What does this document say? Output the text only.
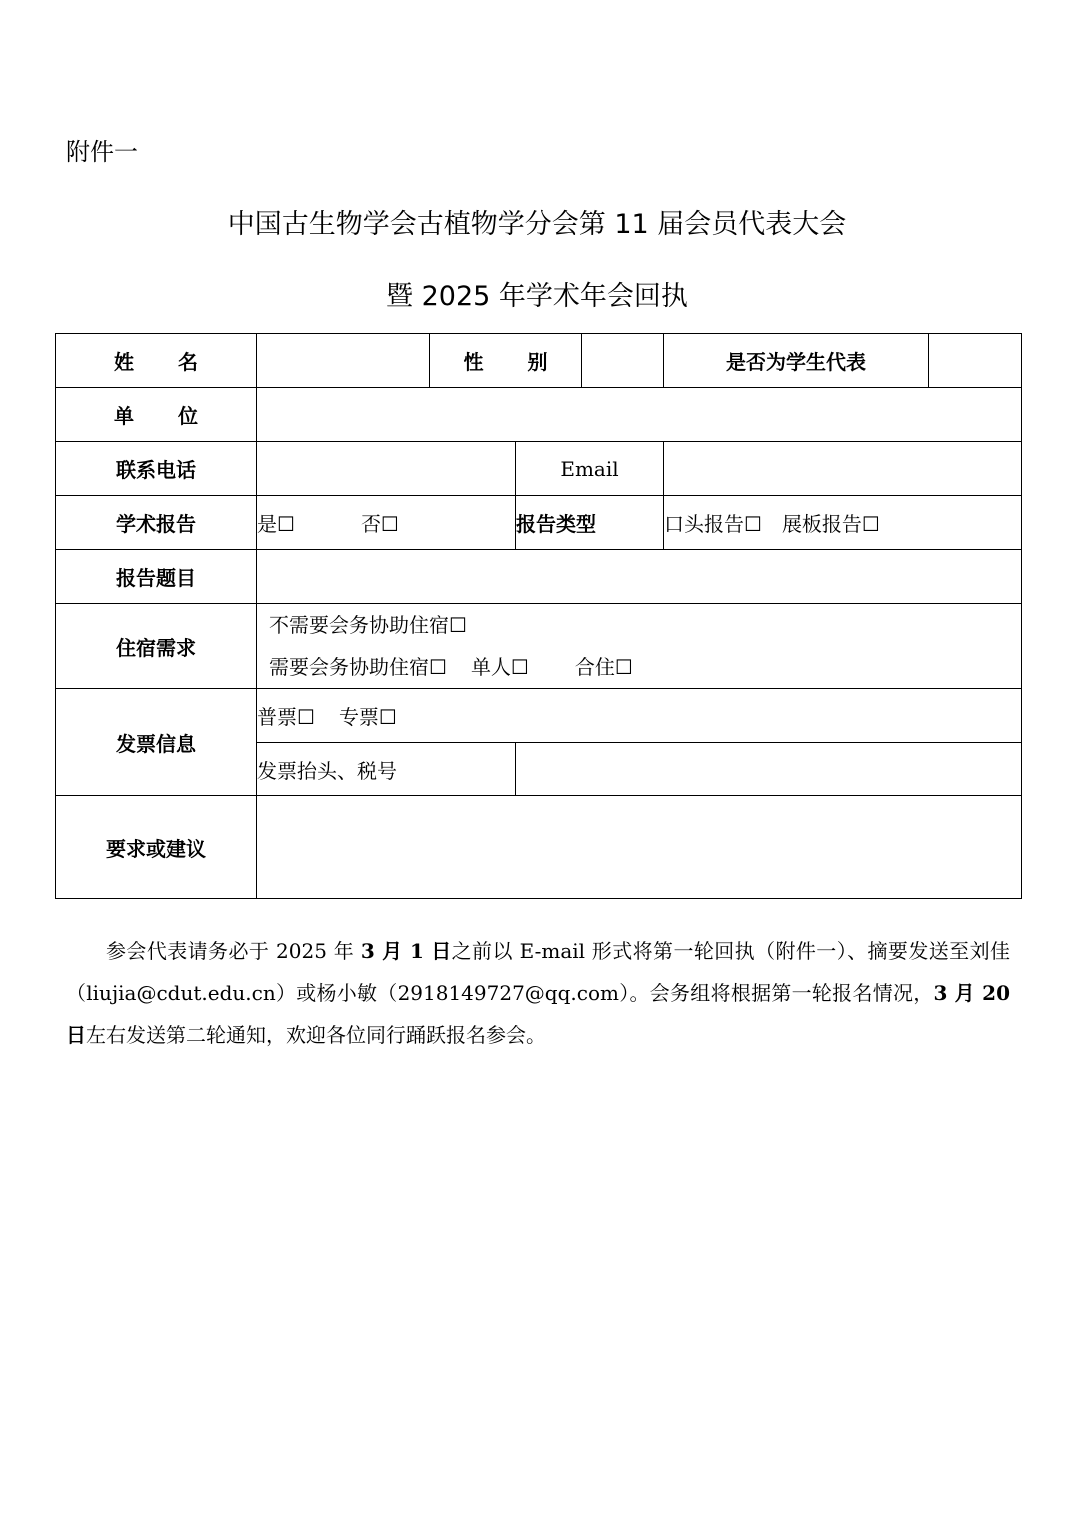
附件一
中国古生物学会古植物学分会第 11 届会员代表大会
暨 2025 年学术年会回执
姓名		性别			是否为学生代表	
单位						
联系电话			Email			
学术报告	是☐ 否☐		报告类型		口头报告☐ 展板报告☐	
报告题目						
住宿需求	不需要会务协助住宿☐
需要会务协助住宿☐ 单人☐ 合住☐					

发票信息	普票☐ 专票☐					
	发票抬头、税号					
要求或建议						
参会代表请务必于 2025 年 3 月 1 日之前以 E-mail 形式将第一轮回执（附件一）、摘要发送至刘佳（liujia@cdut.edu.cn）或杨小敏（2918149727@qq.com）。会务组将根据第一轮报名情况，3 月 20 日左右发送第二轮通知，欢迎各位同行踊跃报名参会。
